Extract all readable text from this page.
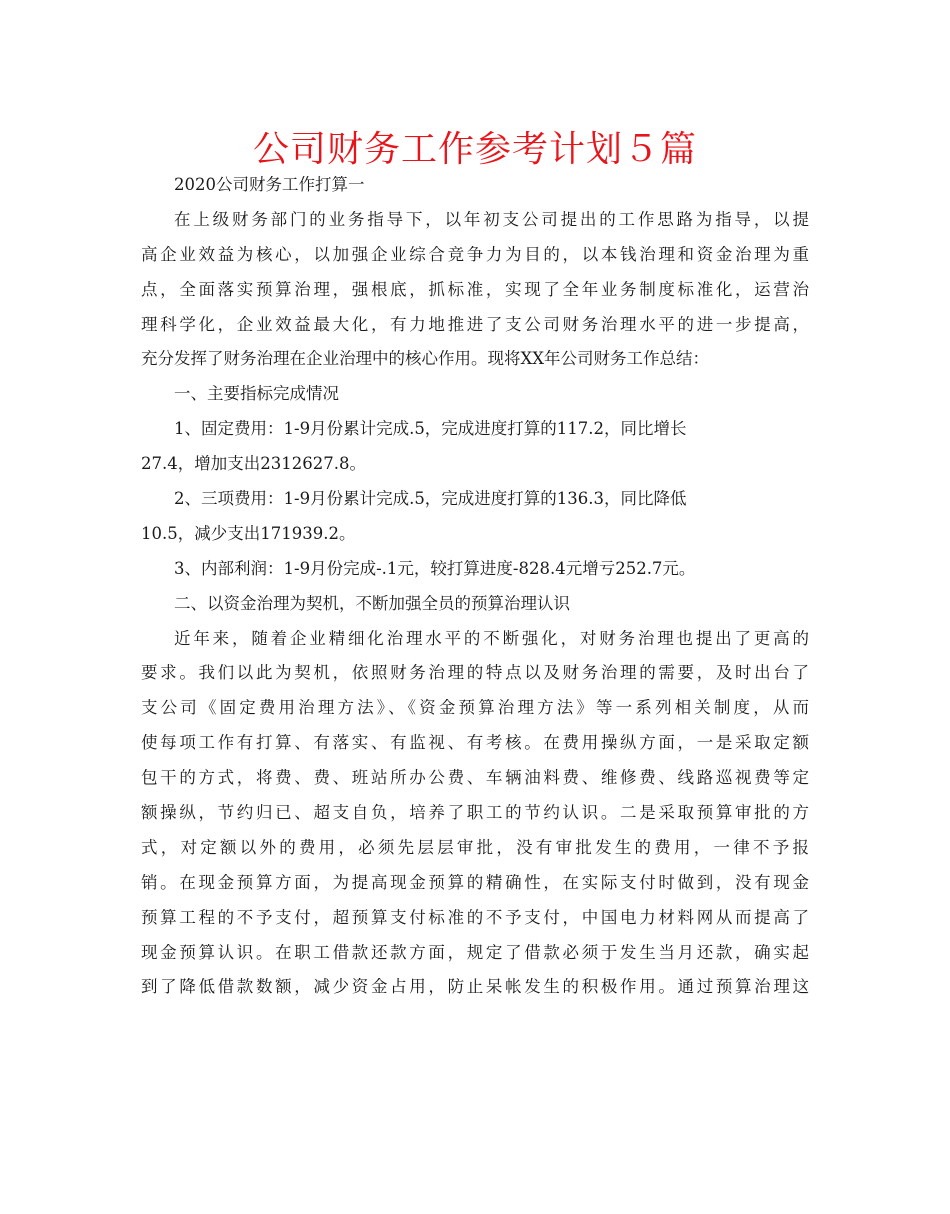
公司财务工作参考计划５篇
2020公司财务工作打算一
在上级财务部门的业务指导下，以年初支公司提出的工作思路为指导，以提
高企业效益为核心，以加强企业综合竞争力为目的，以本钱治理和资金治理为重
点，全面落实预算治理，强根底，抓标准，实现了全年业务制度标准化，运营治
理科学化，企业效益最大化，有力地推进了支公司财务治理水平的进一步提高，
充分发挥了财务治理在企业治理中的核心作用。现将XX年公司财务工作总结：
一、主要指标完成情况
1、固定费用：1-9月份累计完成.5，完成进度打算的117.2，同比增长
27.4，增加支出2312627.8。
2、三项费用：1-9月份累计完成.5，完成进度打算的136.3，同比降低
10.5，减少支出171939.2。
3、内部利润：1-9月份完成-.1元，较打算进度-828.4元增亏252.7元。
二、以资金治理为契机，不断加强全员的预算治理认识
近年来，随着企业精细化治理水平的不断强化，对财务治理也提出了更高的
要求。我们以此为契机，依照财务治理的特点以及财务治理的需要，及时出台了
支公司《固定费用治理方法》、《资金预算治理方法》等一系列相关制度，从而
使每项工作有打算、有落实、有监视、有考核。在费用操纵方面，一是采取定额
包干的方式，将费、费、班站所办公费、车辆油料费、维修费、线路巡视费等定
额操纵，节约归已、超支自负，培养了职工的节约认识。二是采取预算审批的方
式，对定额以外的费用，必须先层层审批，没有审批发生的费用，一律不予报
销。在现金预算方面，为提高现金预算的精确性，在实际支付时做到，没有现金
预算工程的不予支付，超预算支付标准的不予支付，中国电力材料网从而提高了
现金预算认识。在职工借款还款方面，规定了借款必须于发生当月还款，确实起
到了降低借款数额，减少资金占用，防止呆帐发生的积极作用。通过预算治理这
